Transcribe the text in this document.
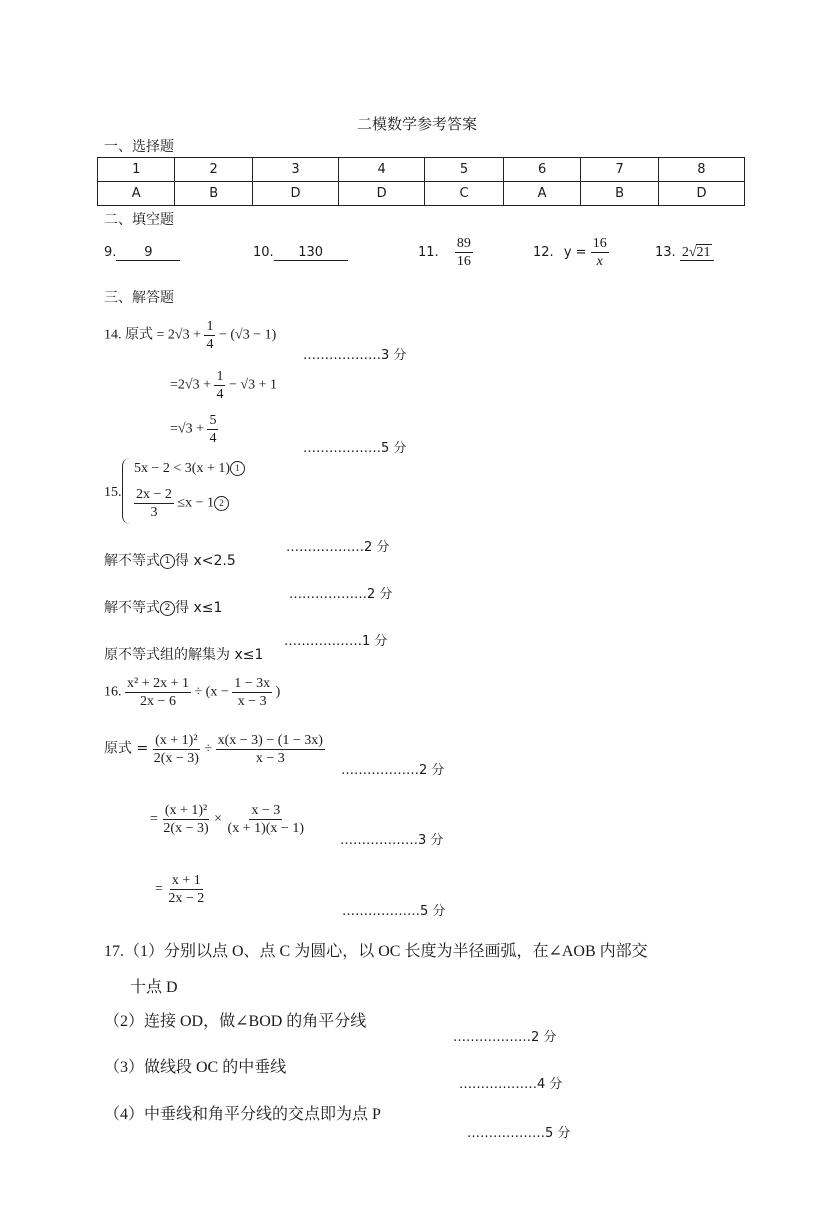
二模数学参考答案
一、选择题
1	2	3	4	5	6	7	8
A	B	D	D	C	A	B	D
二、填空题
9. 9	10. 130	11. $\frac{89}{16}$	12. $y = \frac{16}{x}$	13. 2√21
三、解答题
14. 原式 = $2√3 + \frac{1}{4} - (√3 - 1)$
………………3 分
$=2√3 + \frac{1}{4} - √3 + 1$
$=√3 + \frac{5}{4}$
………………5 分
15.
5x − 2 < 3(x + 1) 1
$\frac{2x - 2}{3} \le x - 1$ 2
………………2 分
解不等式 1 得 x<2.5
………………2 分
解不等式 2 得 x≤1
………………1 分
原不等式组的解集为 x≤1
16. $\frac{\text{x² + 2x + 1}}{2x - 6} \div (x - \frac{1 - 3x}{x - 3}$ )
原式 = $\frac{\text{(x + 1)²}}{2(x - 3)} \div \frac{x(x - 3) - (1 - 3x)}{x - 3}$
………………2 分
= $\frac{\text{(x + 1)²}}{2(x - 3)} \times \frac{x - 3}{(x + 1)(x - 1)}$
………………3 分
= $\frac{x + 1}{2x - 2}$
………………5 分
17.（1）分别以点 O、点 C 为圆心，以 OC 长度为半径画弧，在∠AOB 内部交
十点 D
（2）连接 OD，做∠BOD 的角平分线
………………2 分
（3）做线段 OC 的中垂线
………………4 分
（4）中垂线和角平分线的交点即为点 P
………………5 分
